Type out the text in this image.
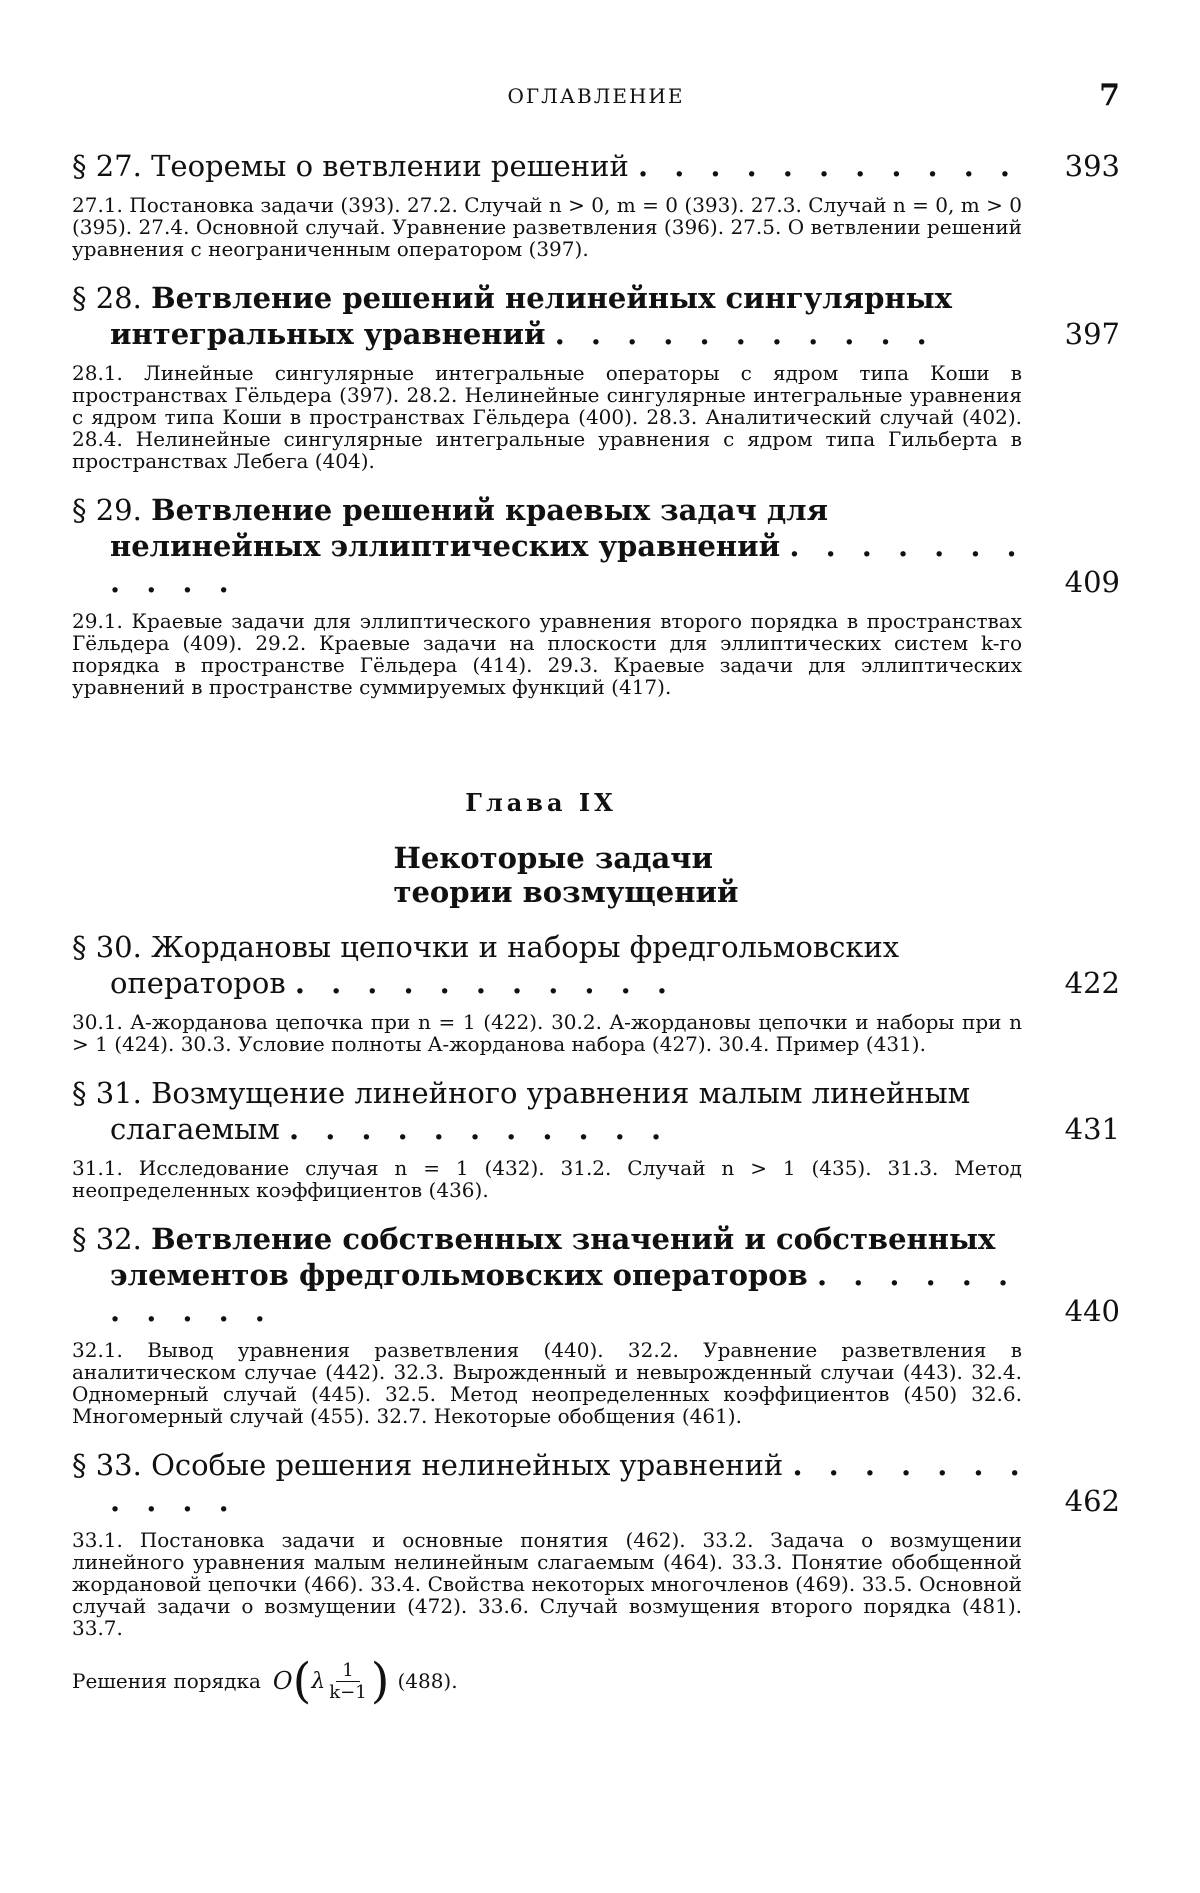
ОГЛАВЛЕНИЕ	7
§ 27. Теоремы о ветвлении решений . . . . . . . . . . .	393
27.1. Постановка задачи (393). 27.2. Случай n > 0, m = 0 (393). 27.3. Случай n = 0, m > 0 (395). 27.4. Основной случай. Уравнение разветвления (396). 27.5. О ветвлении решений уравнения с неограниченным оператором (397).
§ 28. Ветвление решений нелинейных сингулярных интегральных уравнений . . . . . . . . . . .	397
28.1. Линейные сингулярные интегральные операторы с ядром типа Коши в пространствах Гёльдера (397). 28.2. Нелинейные сингулярные интегральные уравнения с ядром типа Коши в пространствах Гёльдера (400). 28.3. Аналитический случай (402). 28.4. Нелинейные сингулярные интегральные уравнения с ядром типа Гильберта в пространствах Лебега (404).
§ 29. Ветвление решений краевых задач для нелинейных эллиптических уравнений . . . . . . . . . . .	409
29.1. Краевые задачи для эллиптического уравнения второго порядка в пространствах Гёльдера (409). 29.2. Краевые задачи на плоскости для эллиптических систем k-го порядка в пространстве Гёльдера (414). 29.3. Краевые задачи для эллиптических уравнений в пространстве суммируемых функций (417).
Глава IX
Некоторые задачи
теории возмущений
§ 30. Жордановы цепочки и наборы фредгольмовских операторов . . . . . . . . . . .	422
30.1. A-жорданова цепочка при n = 1 (422). 30.2. A-жордановы цепочки и наборы при n > 1 (424). 30.3. Условие полноты A-жорданова набора (427). 30.4. Пример (431).
§ 31. Возмущение линейного уравнения малым линейным слагаемым . . . . . . . . . . .	431
31.1. Исследование случая n = 1 (432). 31.2. Случай n > 1 (435). 31.3. Метод неопределенных коэффициентов (436).
§ 32. Ветвление собственных значений и собственных элементов фредгольмовских операторов . . . . . . . . . . .	440
32.1. Вывод уравнения разветвления (440). 32.2. Уравнение разветвления в аналитическом случае (442). 32.3. Вырожденный и невырожденный случаи (443). 32.4. Одномерный случай (445). 32.5. Метод неопределенных коэффициентов (450) 32.6. Многомерный случай (455). 32.7. Некоторые обобщения (461).
§ 33. Особые решения нелинейных уравнений . . . . . . . . . . .	462
33.1. Постановка задачи и основные понятия (462). 33.2. Задача о возмущении линейного уравнения малым нелинейным слагаемым (464). 33.3. Понятие обобщенной жордановой цепочки (466). 33.4. Свойства некоторых многочленов (469). 33.5. Основной случай задачи о возмущении (472). 33.6. Случай возмущения второго порядка (481). 33.7.
Решения порядка O ( λ $\frac{1}{k-1}$ ) (488).
